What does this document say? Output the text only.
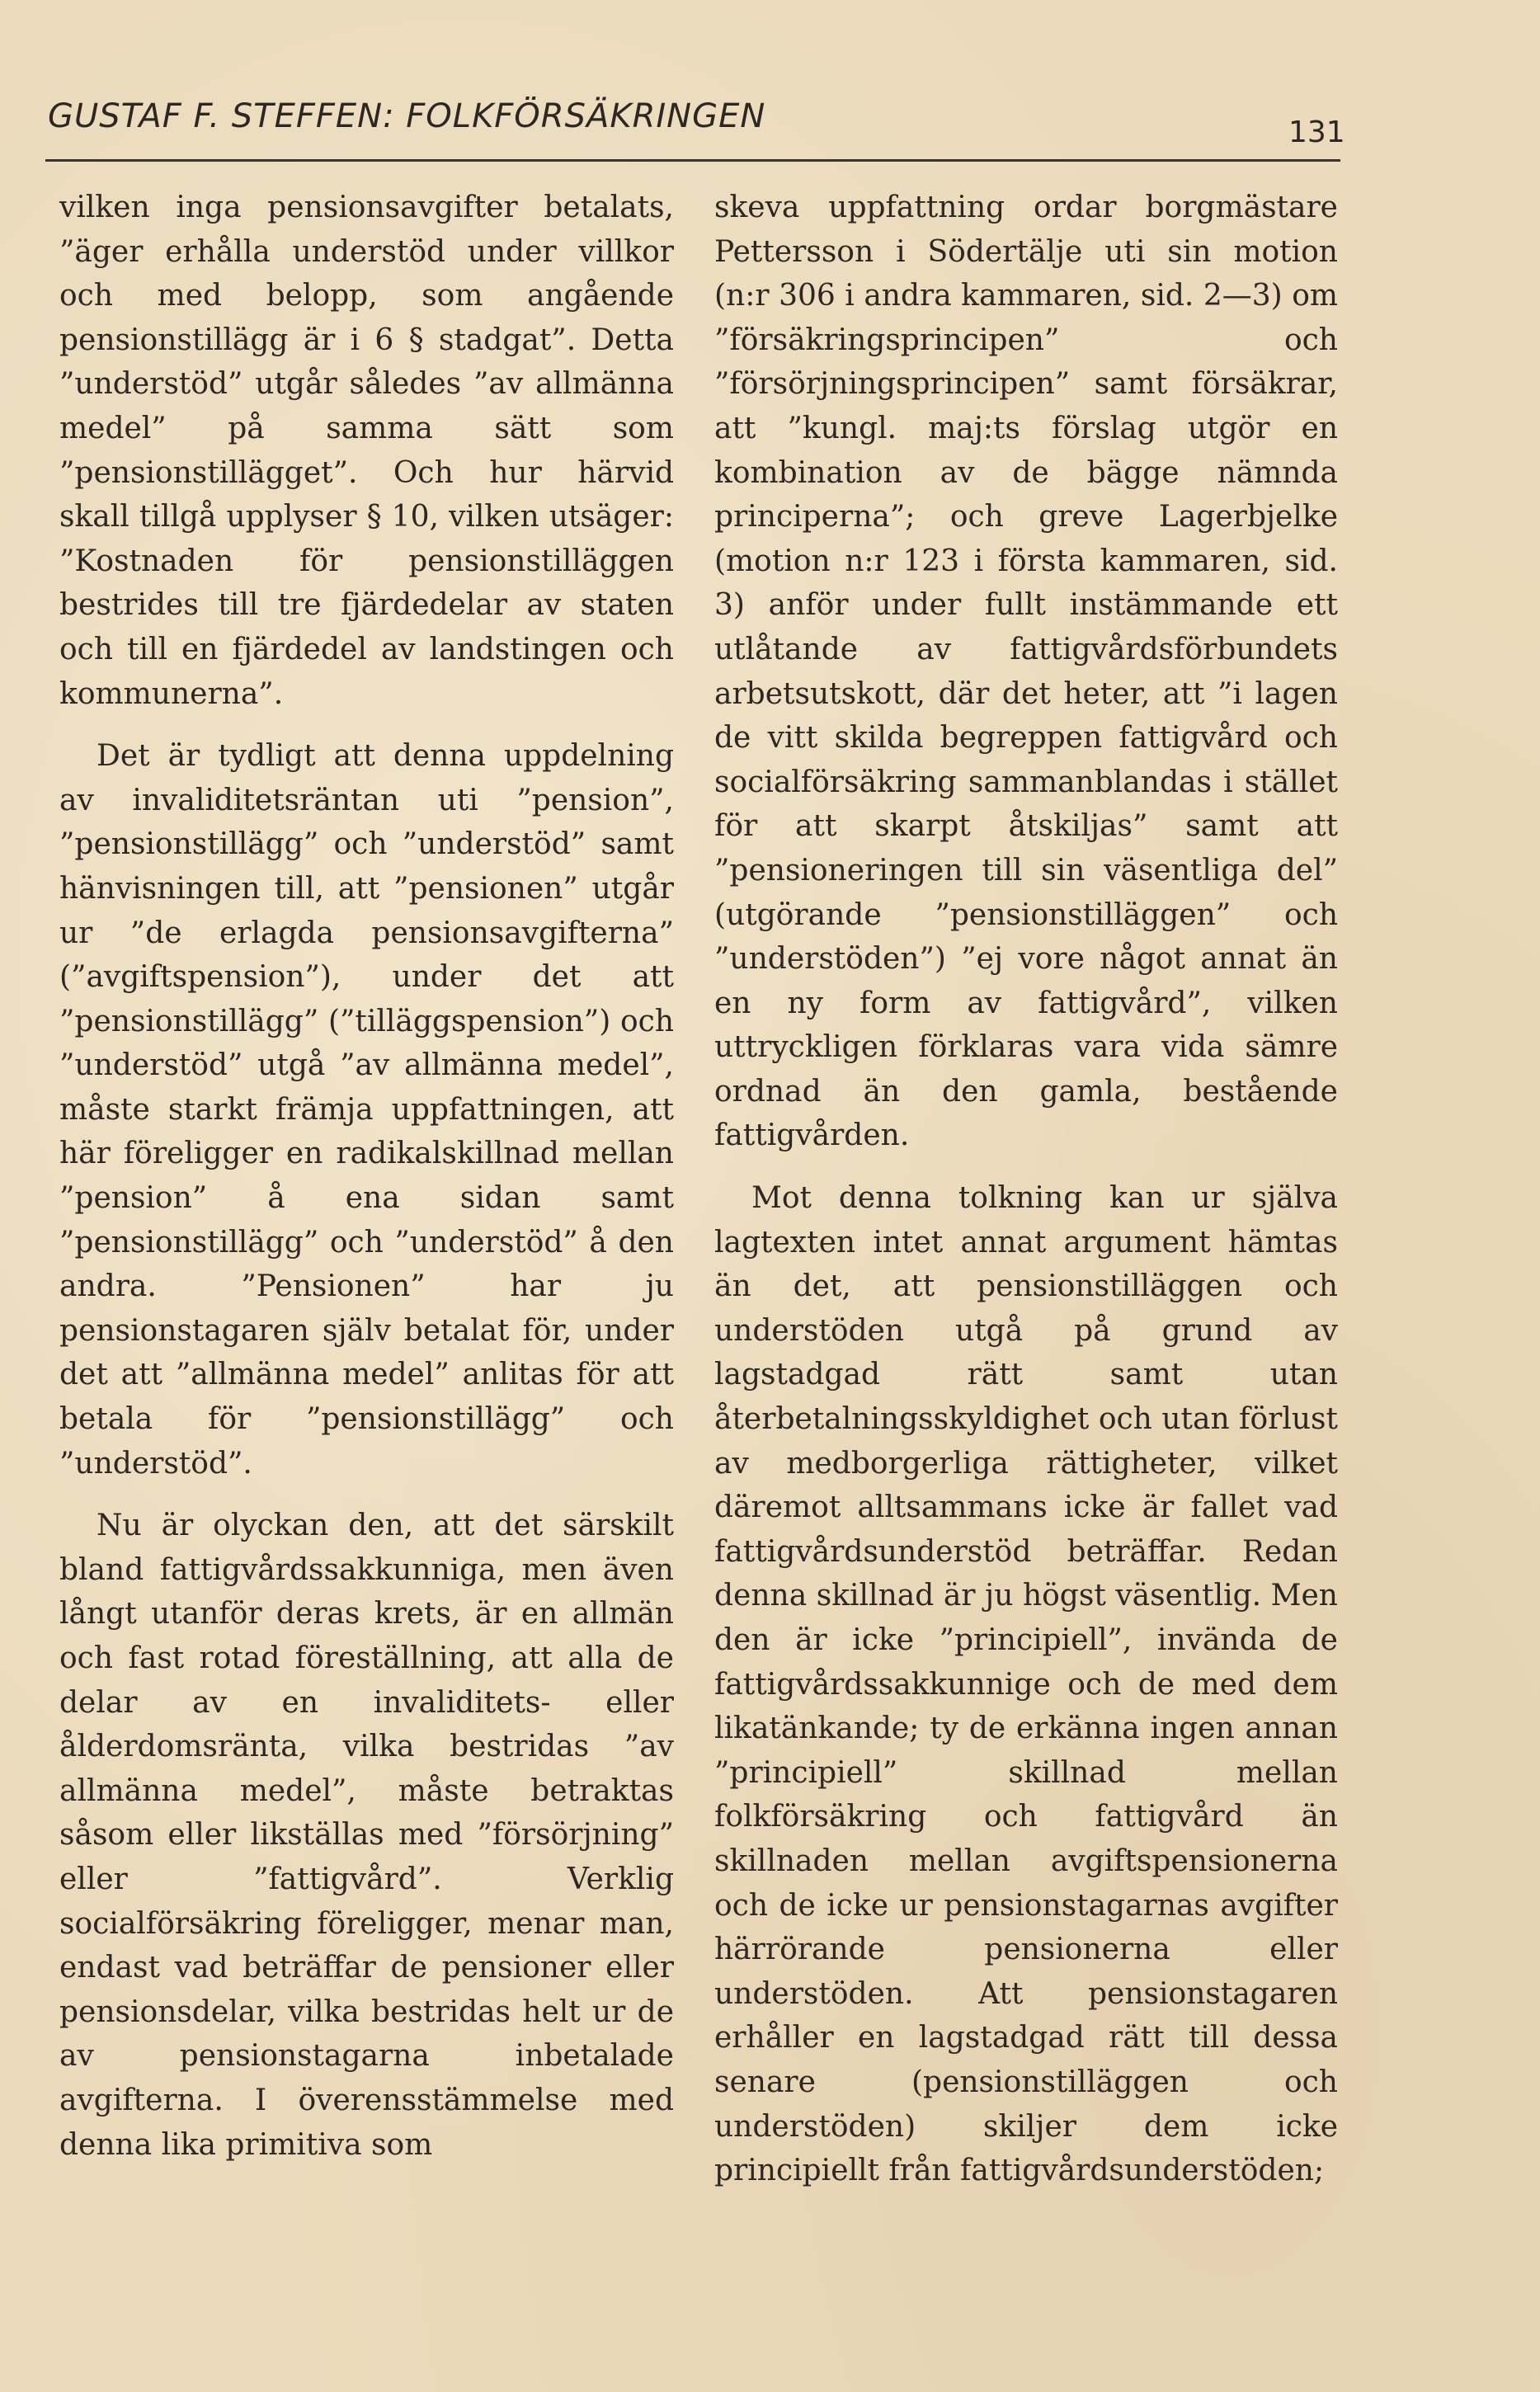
GUSTAF F. STEFFEN: FOLKFÖRSÄKRINGEN	131

vilken inga pensionsavgifter betalats, ”äger erhålla understöd under villkor och med belopp, som angående pensionstillägg är i 6 § stadgat”. Detta ”understöd” utgår således ”av allmänna medel” på samma sätt som ”pensionstillägget”. Och hur härvid skall tillgå upplyser § 10, vilken utsäger: ”Kostnaden för pensionstilläggen bestrides till tre fjärdedelar av staten och till en fjärdedel av landstingen och kommunerna”.

Det är tydligt att denna uppdelning av invaliditetsräntan uti ”pension”, ”pensionstillägg” och ”understöd” samt hänvisningen till, att ”pensionen” utgår ur ”de erlagda pensionsavgifterna” (”avgiftspension”), under det att ”pensionstillägg” (”tilläggspension”) och ”understöd” utgå ”av allmänna medel”, måste starkt främja uppfattningen, att här föreligger en radikalskillnad mellan ”pension” å ena sidan samt ”pensionstillägg” och ”understöd” å den andra. ”Pensionen” har ju pensionstagaren själv betalat för, under det att ”allmänna medel” anlitas för att betala för ”pensionstillägg” och ”understöd”.

Nu är olyckan den, att det särskilt bland fattigvårdssakkunniga, men även långt utanför deras krets, är en allmän och fast rotad föreställning, att alla de delar av en invaliditets- eller ålderdomsränta, vilka bestridas ”av allmänna medel”, måste betraktas såsom eller likställas med ”försörjning” eller ”fattigvård”. Verklig socialförsäkring föreligger, menar man, endast vad beträffar de pensioner eller pensionsdelar, vilka bestridas helt ur de av pensionstagarna inbetalade avgifterna. I överensstämmelse med denna lika primitiva som

skeva uppfattning ordar borgmästare Pettersson i Södertälje uti sin motion (n:r 306 i andra kammaren, sid. 2—3) om ”försäkringsprincipen” och ”försörjningsprincipen” samt försäkrar, att ”kungl. maj:ts förslag utgör en kombination av de bägge nämnda principerna”; och greve Lagerbjelke (motion n:r 123 i första kammaren, sid. 3) anför under fullt instämmande ett utlåtande av fattigvårdsförbundets arbetsutskott, där det heter, att ”i lagen de vitt skilda begreppen fattigvård och socialförsäkring sammanblandas i stället för att skarpt åtskiljas” samt att ”pensioneringen till sin väsentliga del” (utgörande ”pensionstilläggen” och ”understöden”) ”ej vore något annat än en ny form av fattigvård”, vilken uttryckligen förklaras vara vida sämre ordnad än den gamla, bestående fattigvården.

Mot denna tolkning kan ur själva lagtexten intet annat argument hämtas än det, att pensionstilläggen och understöden utgå på grund av lagstadgad rätt samt utan återbetalningsskyldighet och utan förlust av medborgerliga rättigheter, vilket däremot alltsammans icke är fallet vad fattigvårdsunderstöd beträffar. Redan denna skillnad är ju högst väsentlig. Men den är icke ”principiell”, invända de fattigvårdssakkunnige och de med dem likatänkande; ty de erkänna ingen annan ”principiell” skillnad mellan folkförsäkring och fattigvård än skillnaden mellan avgiftspensionerna och de icke ur pensionstagarnas avgifter härrörande pensionerna eller understöden. Att pensionstagaren erhåller en lagstadgad rätt till dessa senare (pensionstilläggen och understöden) skiljer dem icke principiellt från fattigvårdsunderstöden;
